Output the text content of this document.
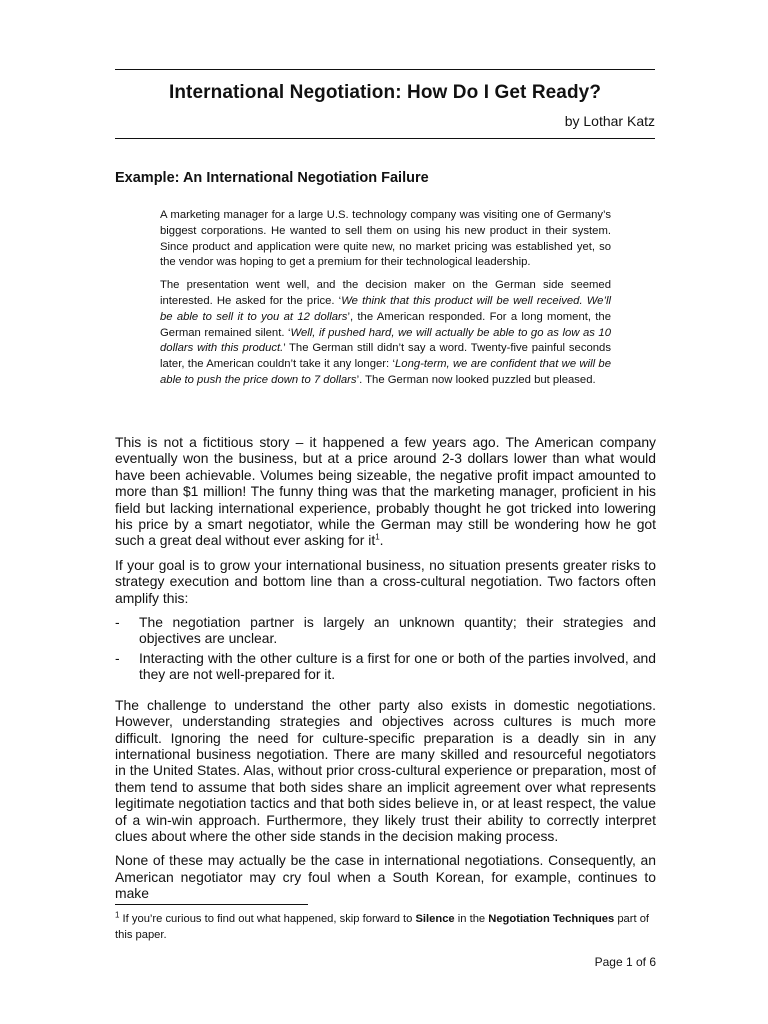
International Negotiation: How Do I Get Ready?
by Lothar Katz
Example: An International Negotiation Failure

A marketing manager for a large U.S. technology company was visiting one of Germany’s biggest corporations. He wanted to sell them on using his new product in their system. Since product and application were quite new, no market pricing was established yet, so the vendor was hoping to get a premium for their technological leadership.

The presentation went well, and the decision maker on the German side seemed interested. He asked for the price. ‘We think that this product will be well received. We’ll be able to sell it to you at 12 dollars’, the American responded. For a long moment, the German remained silent. ‘Well, if pushed hard, we will actually be able to go as low as 10 dollars with this product.’ The German still didn’t say a word. Twenty-five painful seconds later, the American couldn’t take it any longer: ‘Long-term, we are confident that we will be able to push the price down to 7 dollars’. The German now looked puzzled but pleased.

This is not a fictitious story – it happened a few years ago. The American company eventually won the business, but at a price around 2-3 dollars lower than what would have been achievable. Volumes being sizeable, the negative profit impact amounted to more than $1 million! The funny thing was that the marketing manager, proficient in his field but lacking international experience, probably thought he got tricked into lowering his price by a smart negotiator, while the German may still be wondering how he got such a great deal without ever asking for $it^1$.

If your goal is to grow your international business, no situation presents greater risks to strategy execution and bottom line than a cross-cultural negotiation. Two factors often amplify this:

- The negotiation partner is largely an unknown quantity; their strategies and objectives are unclear.
- Interacting with the other culture is a first for one or both of the parties involved, and they are not well-prepared for it.

The challenge to understand the other party also exists in domestic negotiations. However, understanding strategies and objectives across cultures is much more difficult. Ignoring the need for culture-specific preparation is a deadly sin in any international business negotiation. There are many skilled and resourceful negotiators in the United States. Alas, without prior cross-cultural experience or preparation, most of them tend to assume that both sides share an implicit agreement over what represents legitimate negotiation tactics and that both sides believe in, or at least respect, the value of a win-win approach. Furthermore, they likely trust their ability to correctly interpret clues about where the other side stands in the decision making process.

None of these may actually be the case in international negotiations. Consequently, an American negotiator may cry foul when a South Korean, for example, continues to make

$^1$ If you’re curious to find out what happened, skip forward to Silence in the Negotiation Techniques part of this paper.
Page 1 of 6
